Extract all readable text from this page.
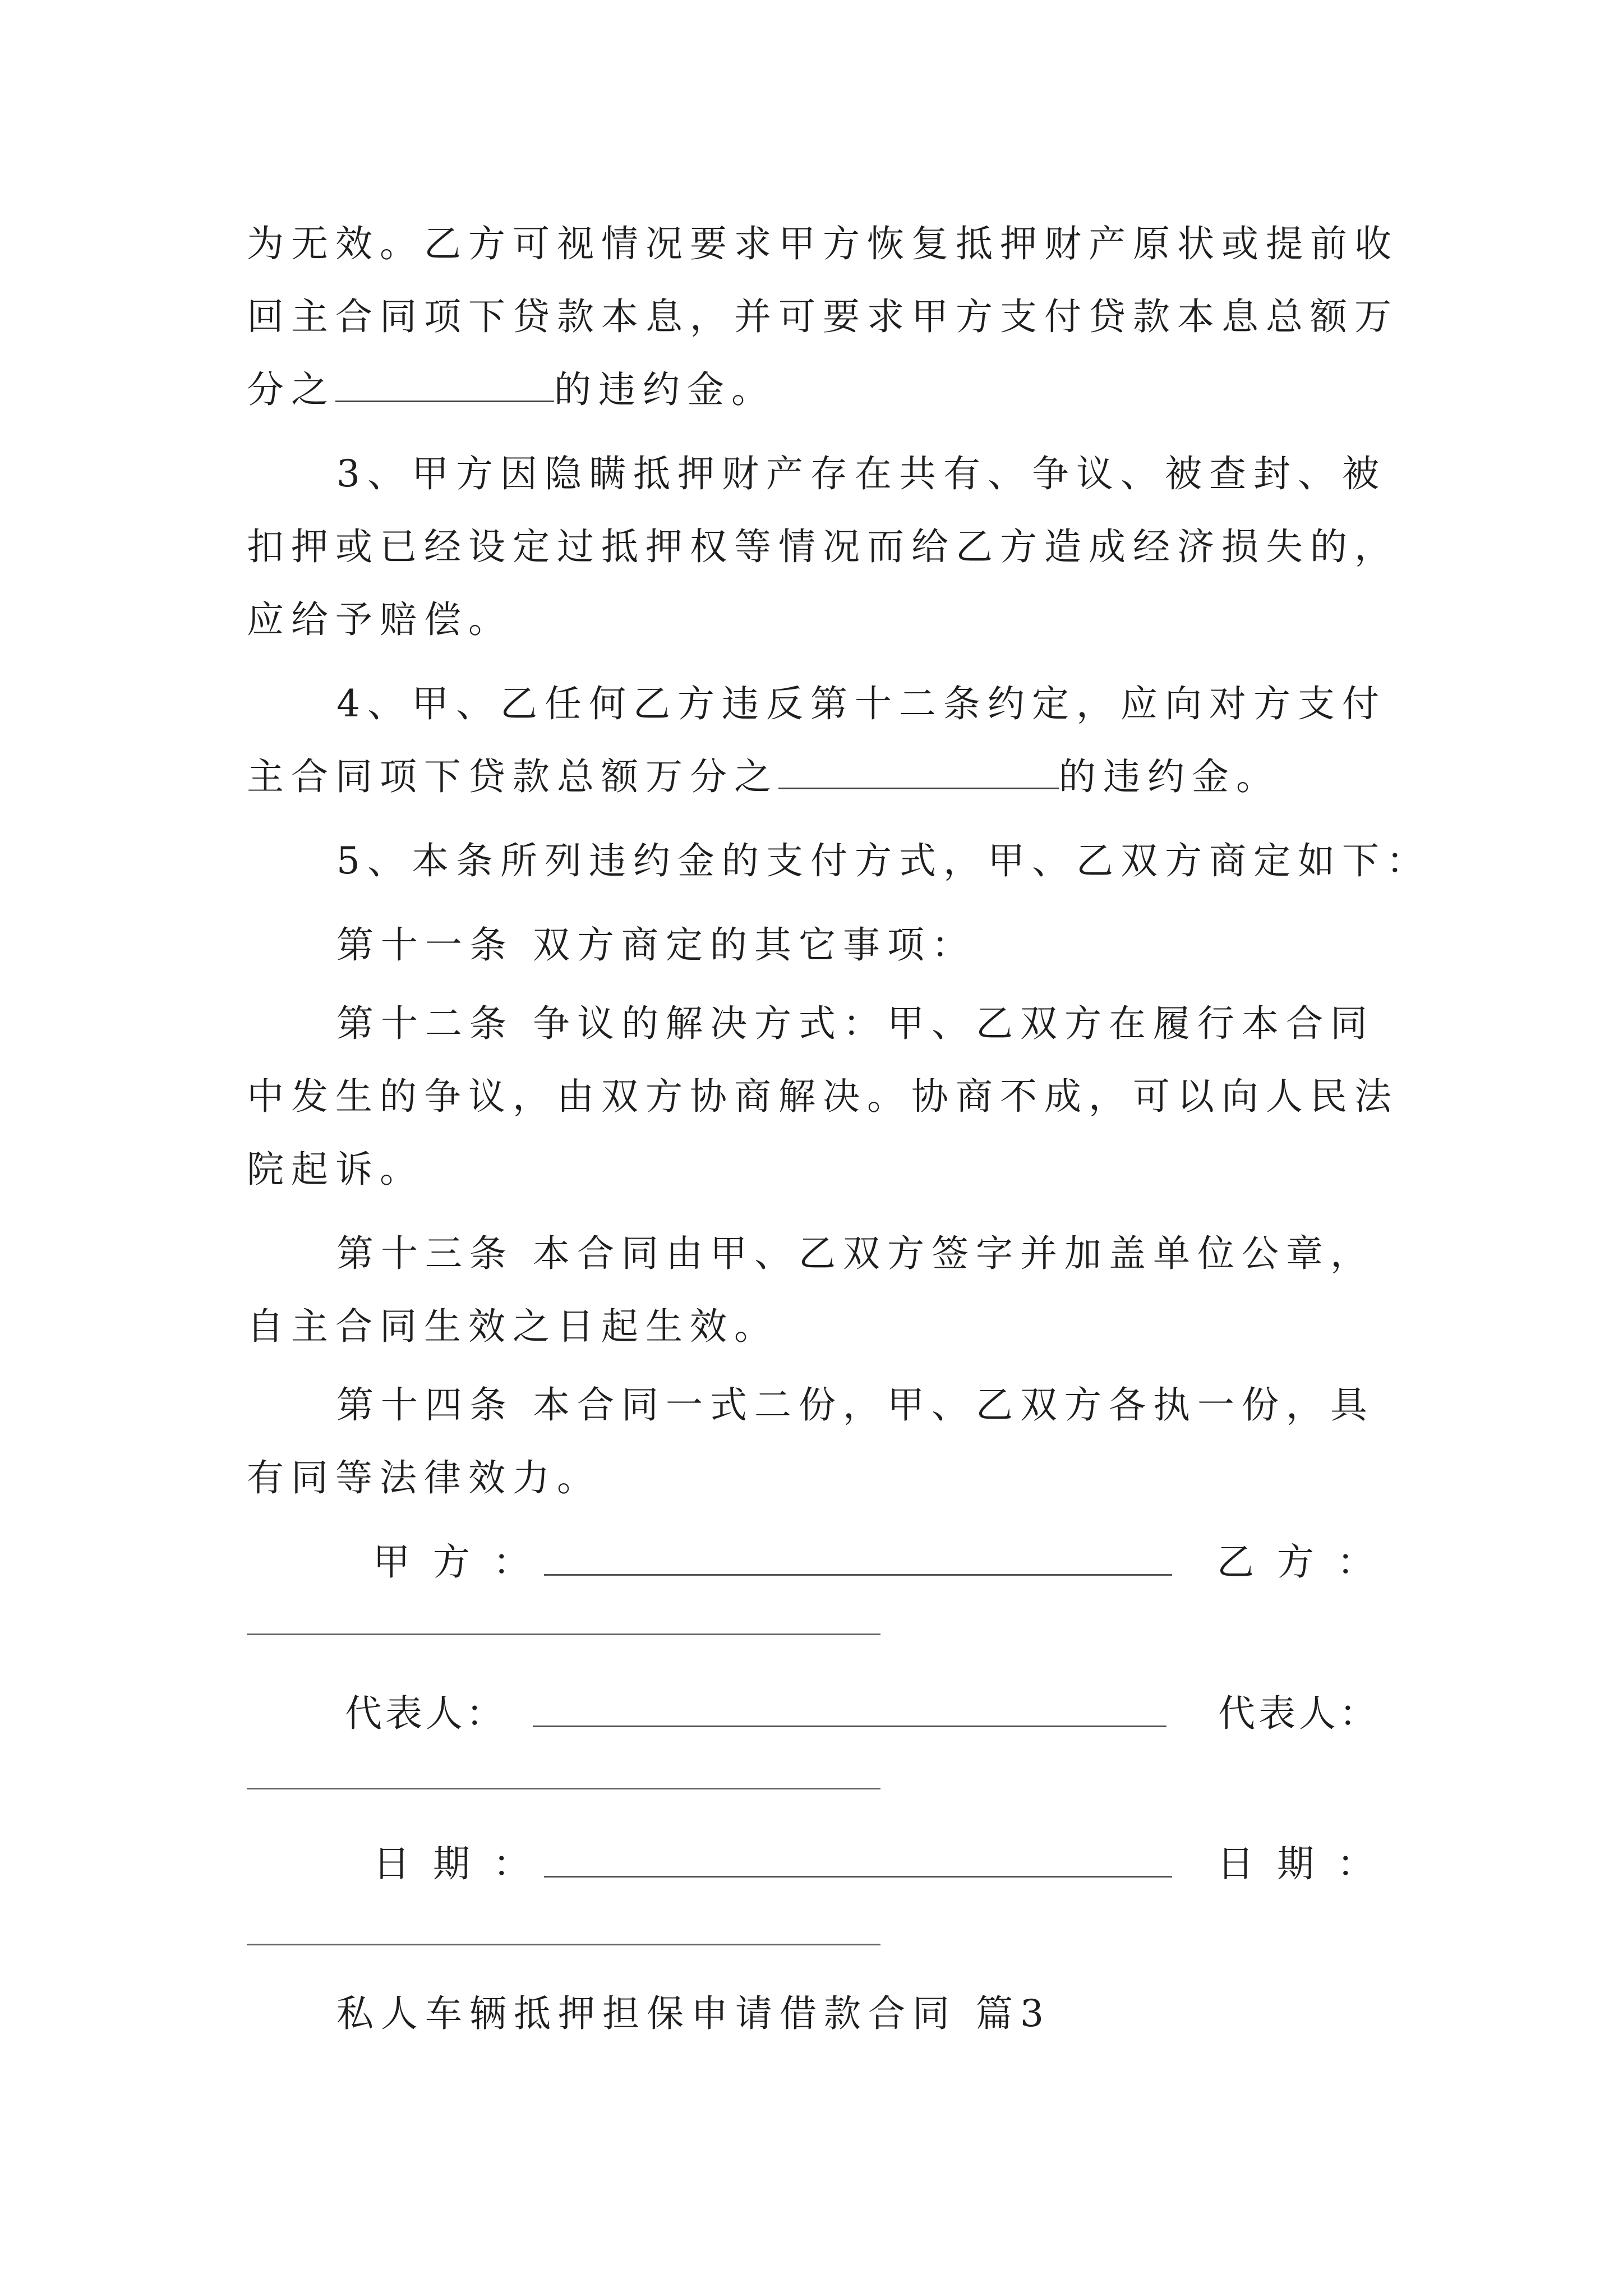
为无效。乙方可视情况要求甲方恢复抵押财产原状或提前收
回主合同项下贷款本息，并可要求甲方支付贷款本息总额万
分之	的违约金。
3、甲方因隐瞒抵押财产存在共有、争议、被查封、被
扣押或已经设定过抵押权等情况而给乙方造成经济损失的，
应给予赔偿。
4、甲、乙任何乙方违反第十二条约定，应向对方支付
主合同项下贷款总额万分之	的违约金。
5、本条所列违约金的支付方式，甲、乙双方商定如下：
第十一条 双方商定的其它事项：
第十二条 争议的解决方式：甲、乙双方在履行本合同
中发生的争议，由双方协商解决。协商不成，可以向人民法
院起诉。
第十三条 本合同由甲、乙双方签字并加盖单位公章，
自主合同生效之日起生效。
第十四条 本合同一式二份，甲、乙双方各执一份，具
有同等法律效力。
甲 方 ：	乙 方 ：
代表人：	代表人：
日 期 ：	日 期 ：
私人车辆抵押担保申请借款合同 篇3
